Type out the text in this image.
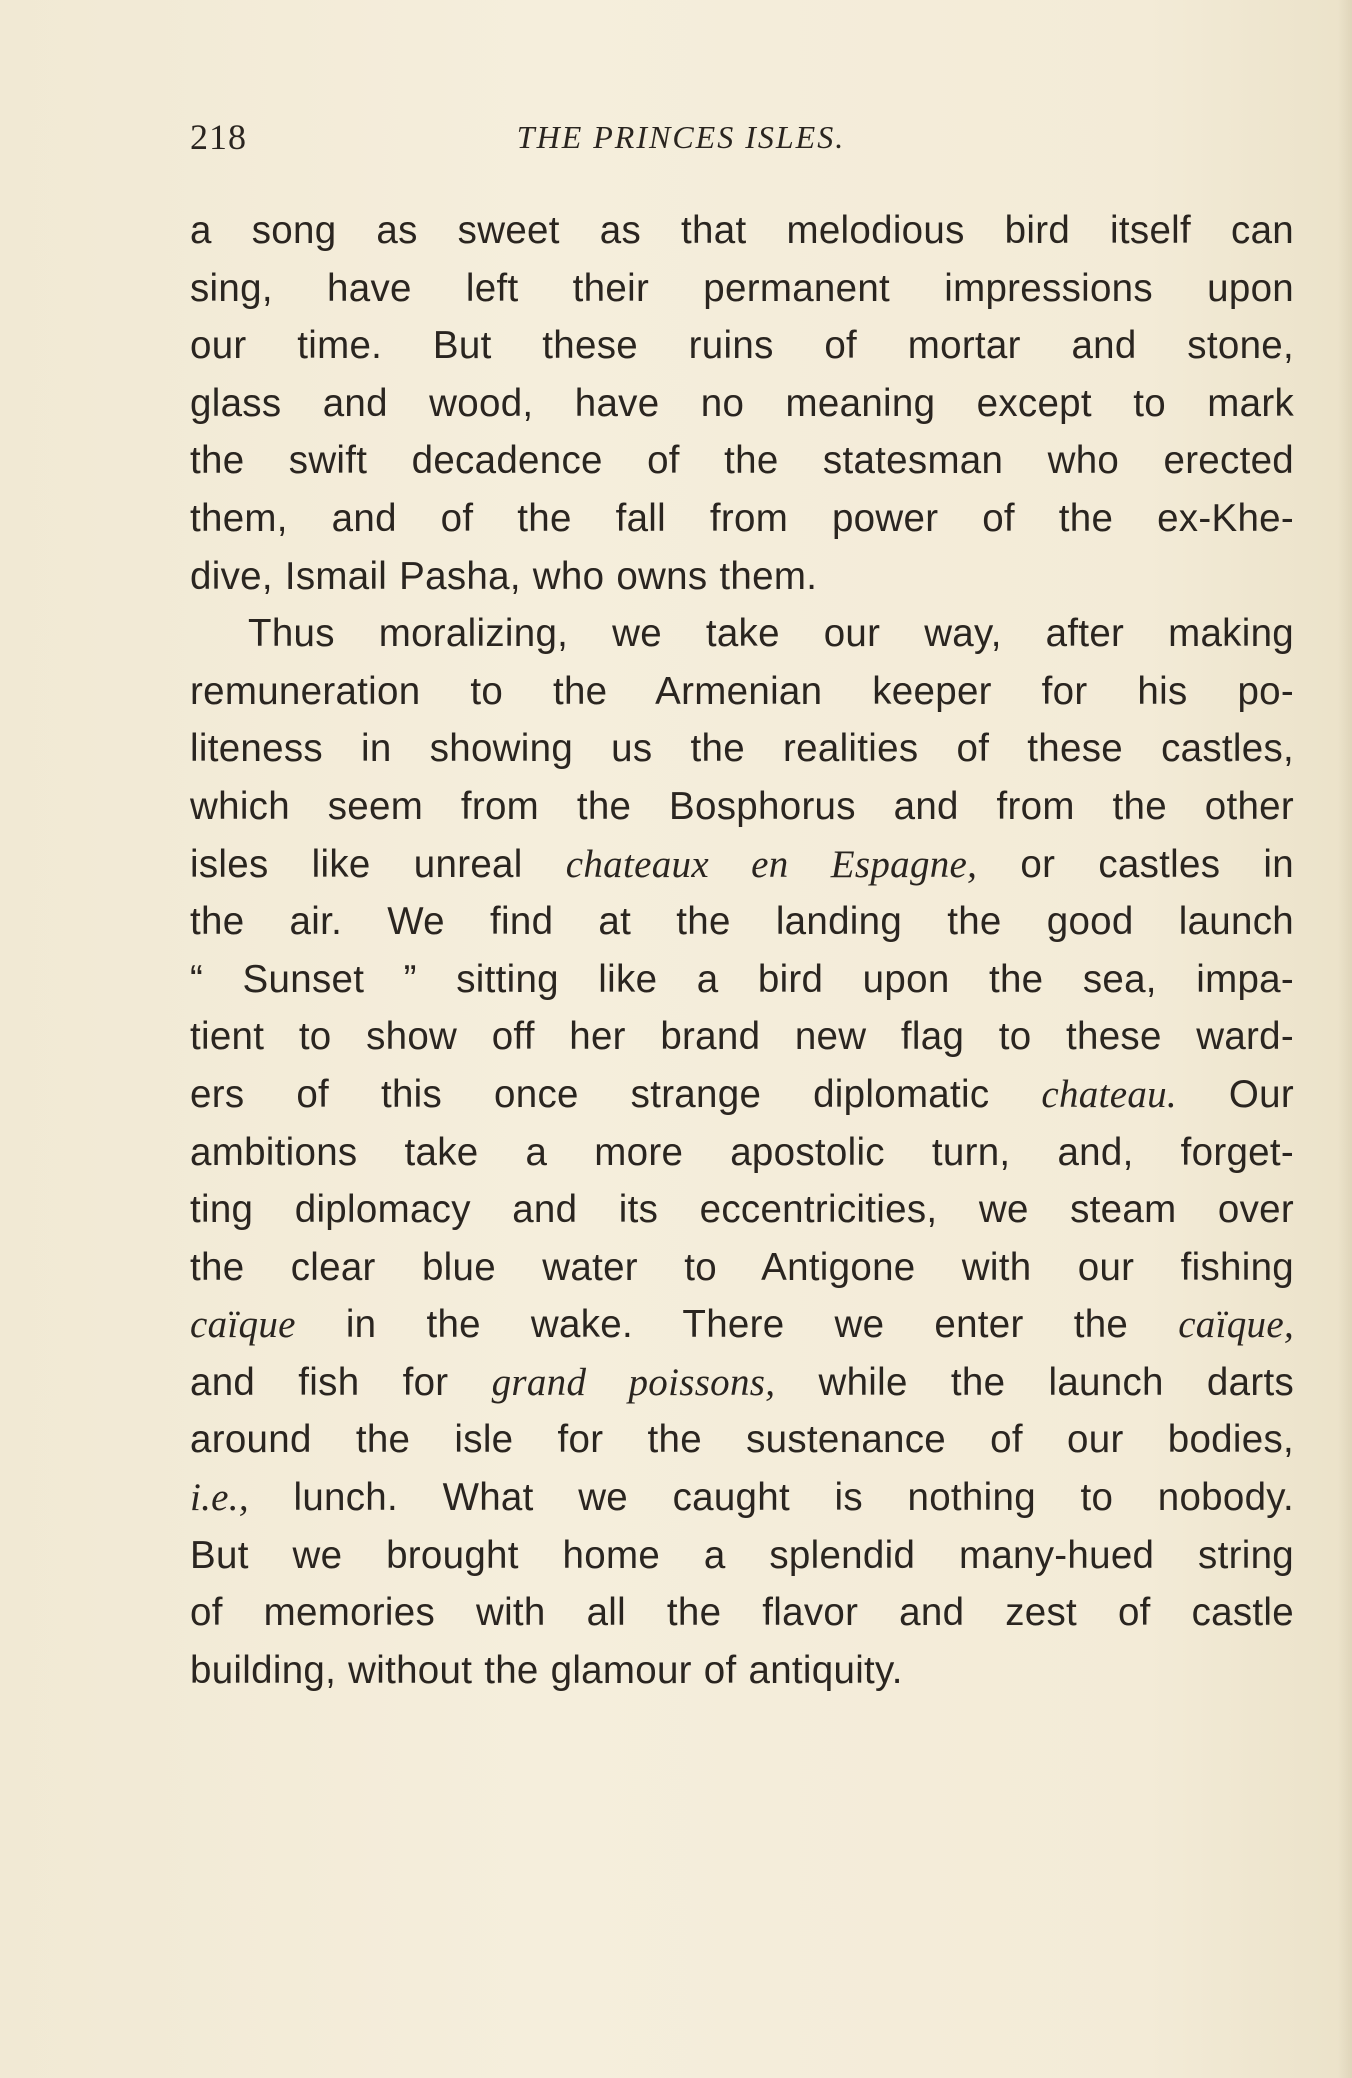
218	THE PRINCES ISLES.
a song as sweet as that melodious bird itself can
sing, have left their permanent impressions upon
our time. But these ruins of mortar and stone,
glass and wood, have no meaning except to mark
the swift decadence of the statesman who erected
them, and of the fall from power of the ex-Khe-
dive, Ismail Pasha, who owns them.
Thus moralizing, we take our way, after making
remuneration to the Armenian keeper for his po-
liteness in showing us the realities of these castles,
which seem from the Bosphorus and from the other
isles like unreal chateaux en Espagne, or castles in
the air. We find at the landing the good launch
“ Sunset ” sitting like a bird upon the sea, impa-
tient to show off her brand new flag to these ward-
ers of this once strange diplomatic chateau. Our
ambitions take a more apostolic turn, and, forget-
ting diplomacy and its eccentricities, we steam over
the clear blue water to Antigone with our fishing
caïque in the wake. There we enter the caïque,
and fish for grand poissons, while the launch darts
around the isle for the sustenance of our bodies,
i.e., lunch. What we caught is nothing to nobody.
But we brought home a splendid many-hued string
of memories with all the flavor and zest of castle
building, without the glamour of antiquity.
